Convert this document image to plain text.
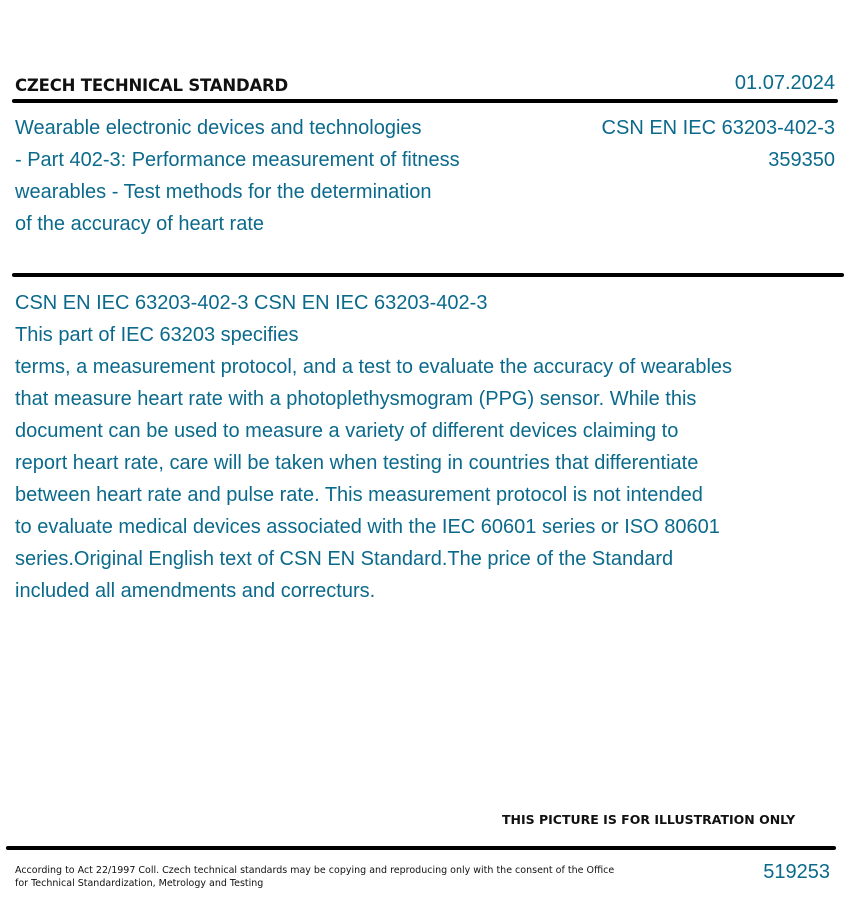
CZECH TECHNICAL STANDARD	01.07.2024
Wearable electronic devices and technologies
- Part 402-3: Performance measurement of fitness
wearables - Test methods for the determination
of the accuracy of heart rate
CSN EN IEC 63203-402-3
359350
CSN EN IEC 63203-402-3 CSN EN IEC 63203-402-3
This part of IEC 63203 specifies
terms, a measurement protocol, and a test to evaluate the accuracy of wearables
that measure heart rate with a photoplethysmogram (PPG) sensor. While this
document can be used to measure a variety of different devices claiming to
report heart rate, care will be taken when testing in countries that differentiate
between heart rate and pulse rate. This measurement protocol is not intended
to evaluate medical devices associated with the IEC 60601 series or ISO 80601
series.Original English text of CSN EN Standard.The price of the Standard
included all amendments and correcturs.
THIS PICTURE IS FOR ILLUSTRATION ONLY
According to Act 22/1997 Coll. Czech technical standards may be copying and reproducing only with the consent of the Office
for Technical Standardization, Metrology and Testing
519253
